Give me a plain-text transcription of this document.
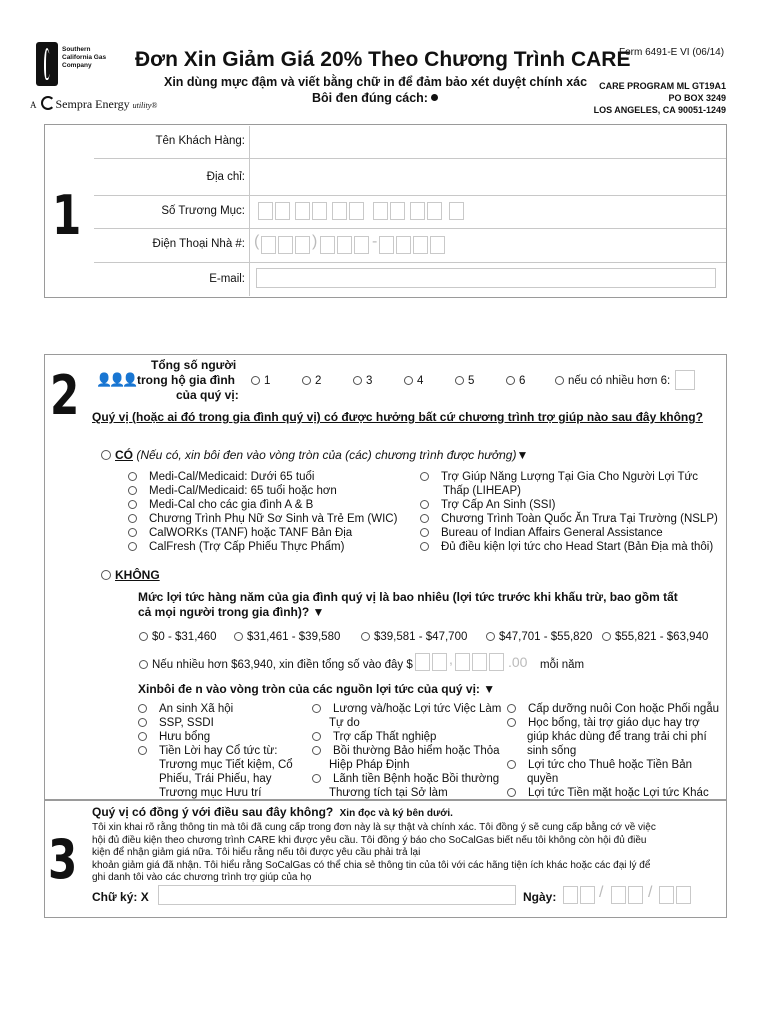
Southern California Gas Company
A Sempra Energy utility®
Đơn Xin Giảm Giá 20% Theo Chương Trình CARE
Form 6491-E VI (06/14)
Xin dùng mực đậm và viết bằng chữ in để đảm bảo xét duyệt chính xác
Bôi đen đúng cách:
CARE PROGRAM ML GT19A1
PO BOX 3249
LOS ANGELES, CA 90051-1249
1
Tên Khách Hàng:
Địa chỉ:
Số Trương Mục:
Điện Thoại Nhà #: (	)	-
E-mail:
2 👤👤👤
Tổng số người
trong hộ gia đình
của quý vị:
1	2	3	4	5	6	nếu có nhiều hơn 6:
Quý vị (hoặc ai đó trong gia đình quý vị) có được hưởng bất cứ chương trình trợ giúp nào sau đây không?
CÓ (Nếu có, xin bôi đen vào vòng tròn của (các) chương trình được hưởng)▼
Medi-Cal/Medicaid: Dưới 65 tuổi
Medi-Cal/Medicaid: 65 tuổi hoặc hơn
Medi-Cal cho các gia đình A & B
Chương Trình Phụ Nữ Sơ Sinh và Trẻ Em (WIC)
CalWORKs (TANF) hoặc TANF Bản Địa
CalFresh (Trợ Cấp Phiếu Thực Phẩm)
Trợ Giúp Năng Lượng Tại Gia Cho Người Lợi Tức
Thấp (LIHEAP)
Trợ Cấp An Sinh (SSI)
Chương Trình Toàn Quốc Ăn Trưa Tại Trường (NSLP)
Bureau of Indian Affairs General Assistance
Đủ điều kiện lợi tức cho Head Start (Bản Địa mà thôi)
KHÔNG
Mức lợi tức hàng năm của gia đình quý vị là bao nhiêu (lợi tức trước khi khấu trừ, bao gồm tất
cả mọi người trong gia đình)? ▼
$0 - $31,460	$31,461 - $39,580	$39,581 - $47,700	$47,701 - $55,820	$55,821 - $63,940
Nếu nhiều hơn $63,940, xin điền tổng số vào đây $	,	.00 mỗi năm
Xinbôi đe n vào vòng tròn của các nguồn lợi tức của quý vị: ▼
An sinh Xã hội
SSP, SSDI
Hưu bổng
Tiền Lời hay Cổ tức từ:
Trương mục Tiết kiệm, Cổ
Phiếu, Trái Phiếu, hay
Trương mục Hưu trí
Lương và/hoặc Lợi tức Việc Làm
Tự do
Trợ cấp Thất nghiệp
Bồi thường Bảo hiểm hoặc Thỏa
Hiệp Pháp Định
Lãnh tiền Bệnh hoặc Bồi thường
Thương tích tại Sở làm
Cấp dưỡng nuôi Con hoặc Phối ngẫu
Học bổng, tài trợ giáo dục hay trợ
giúp khác dùng để trang trải chi phí
sinh sống
Lợi tức cho Thuê hoặc Tiền Bản
quyền
Lợi tức Tiền mặt hoặc Lợi tức Khác
3
Quý vị có đồng ý với điều sau đây không? Xin đọc và ký bên dưới.
Tôi xin khai rõ rằng thông tin mà tôi đã cung cấp trong đơn này là sự thật và chính xác. Tôi đồng ý sẽ cung cấp bằng cớ về việc
hội đủ điều kiện theo chương trình CARE khi được yêu cầu. Tôi đồng ý báo cho SoCalGas biết nếu tôi không còn hội đủ điều
kiện để nhận giảm giá nữa. Tôi hiểu rằng nếu tôi được yêu cầu phải trả lại
khoản giảm giá đã nhận. Tôi hiểu rằng SoCalGas có thể chia sẻ thông tin của tôi với các hãng tiện ích khác hoặc các đại lý để
ghi danh tôi vào các chương trình trợ giúp của họ
Chữ ký: X	Ngày:	/	/
